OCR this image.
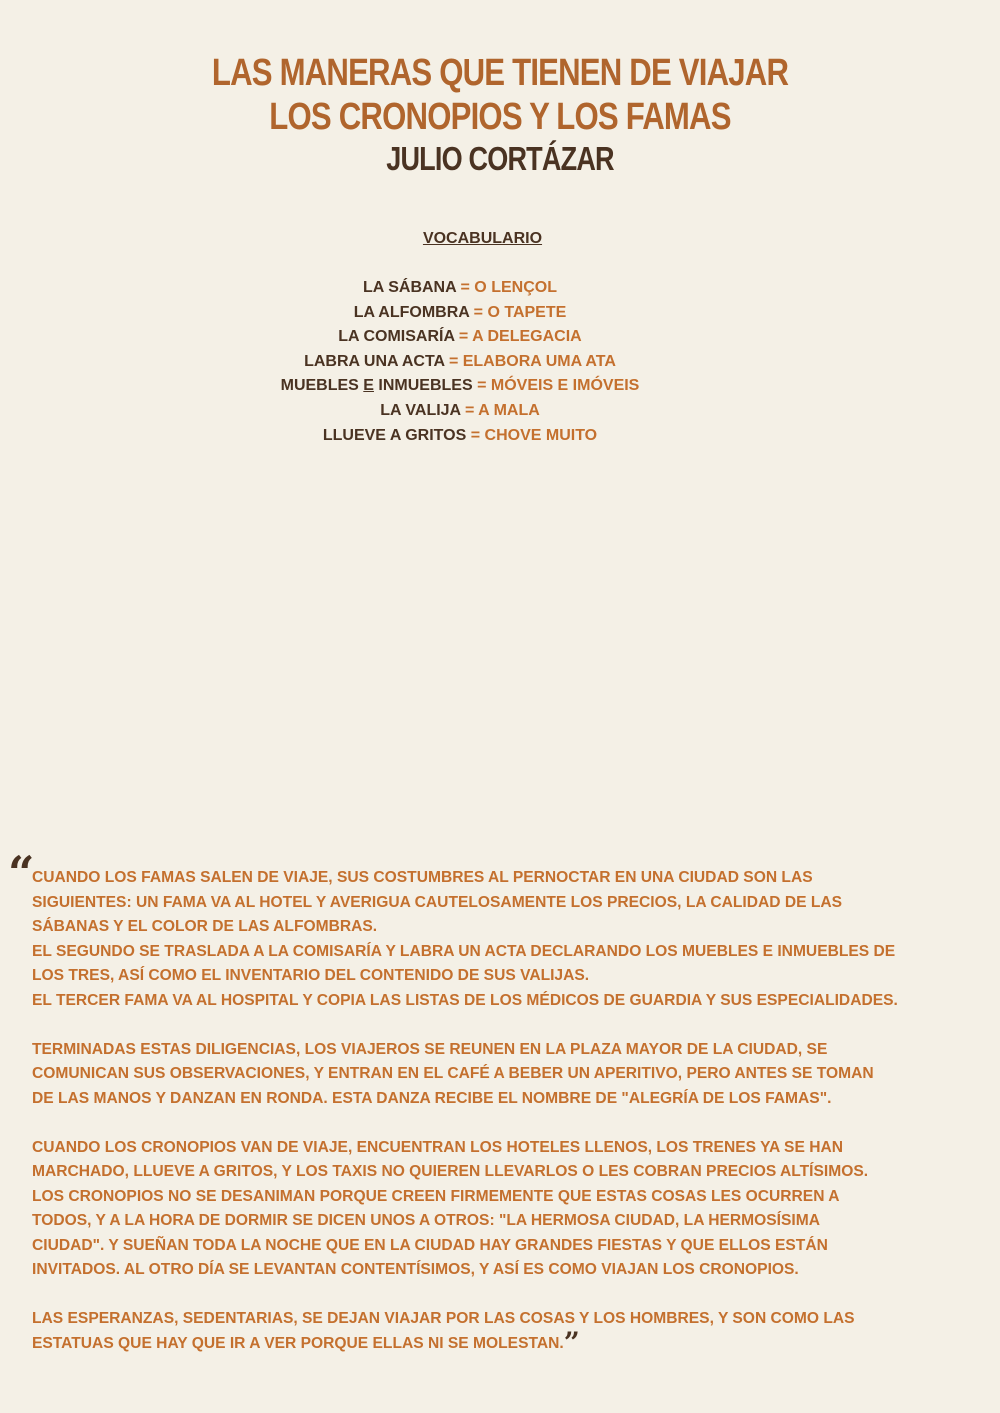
LAS MANERAS QUE TIENEN DE VIAJAR
LOS CRONOPIOS Y LOS FAMAS
JULIO CORTÁZAR
VOCABULARIO
LA SÁBANA = O LENÇOL
LA ALFOMBRA = O TAPETE
LA COMISARÍA = A DELEGACIA
LABRA UNA ACTA = ELABORA UMA ATA
MUEBLES E INMUEBLES = MÓVEIS E IMÓVEIS
LA VALIJA = A MALA
LLUEVE A GRITOS = CHOVE MUITO
“

CUANDO LOS FAMAS SALEN DE VIAJE, SUS COSTUMBRES AL PERNOCTAR EN UNA CIUDAD SON LAS
SIGUIENTES: UN FAMA VA AL HOTEL Y AVERIGUA CAUTELOSAMENTE LOS PRECIOS, LA CALIDAD DE LAS
SÁBANAS Y EL COLOR DE LAS ALFOMBRAS.
EL SEGUNDO SE TRASLADA A LA COMISARÍA Y LABRA UN ACTA DECLARANDO LOS MUEBLES E INMUEBLES DE
LOS TRES, ASÍ COMO EL INVENTARIO DEL CONTENIDO DE SUS VALIJAS.
EL TERCER FAMA VA AL HOSPITAL Y COPIA LAS LISTAS DE LOS MÉDICOS DE GUARDIA Y SUS ESPECIALIDADES.

TERMINADAS ESTAS DILIGENCIAS, LOS VIAJEROS SE REUNEN EN LA PLAZA MAYOR DE LA CIUDAD, SE
COMUNICAN SUS OBSERVACIONES, Y ENTRAN EN EL CAFÉ A BEBER UN APERITIVO, PERO ANTES SE TOMAN
DE LAS MANOS Y DANZAN EN RONDA. ESTA DANZA RECIBE EL NOMBRE DE "ALEGRÍA DE LOS FAMAS".

CUANDO LOS CRONOPIOS VAN DE VIAJE, ENCUENTRAN LOS HOTELES LLENOS, LOS TRENES YA SE HAN
MARCHADO, LLUEVE A GRITOS, Y LOS TAXIS NO QUIEREN LLEVARLOS O LES COBRAN PRECIOS ALTÍSIMOS.
LOS CRONOPIOS NO SE DESANIMAN PORQUE CREEN FIRMEMENTE QUE ESTAS COSAS LES OCURREN A
TODOS, Y A LA HORA DE DORMIR SE DICEN UNOS A OTROS: "LA HERMOSA CIUDAD, LA HERMOSÍSIMA
CIUDAD". Y SUEÑAN TODA LA NOCHE QUE EN LA CIUDAD HAY GRANDES FIESTAS Y QUE ELLOS ESTÁN
INVITADOS. AL OTRO DÍA SE LEVANTAN CONTENTÍSIMOS, Y ASÍ ES COMO VIAJAN LOS CRONOPIOS.

LAS ESPERANZAS, SEDENTARIAS, SE DEJAN VIAJAR POR LAS COSAS Y LOS HOMBRES, Y SON COMO LAS
ESTATUAS QUE HAY QUE IR A VER PORQUE ELLAS NI SE MOLESTAN.”
